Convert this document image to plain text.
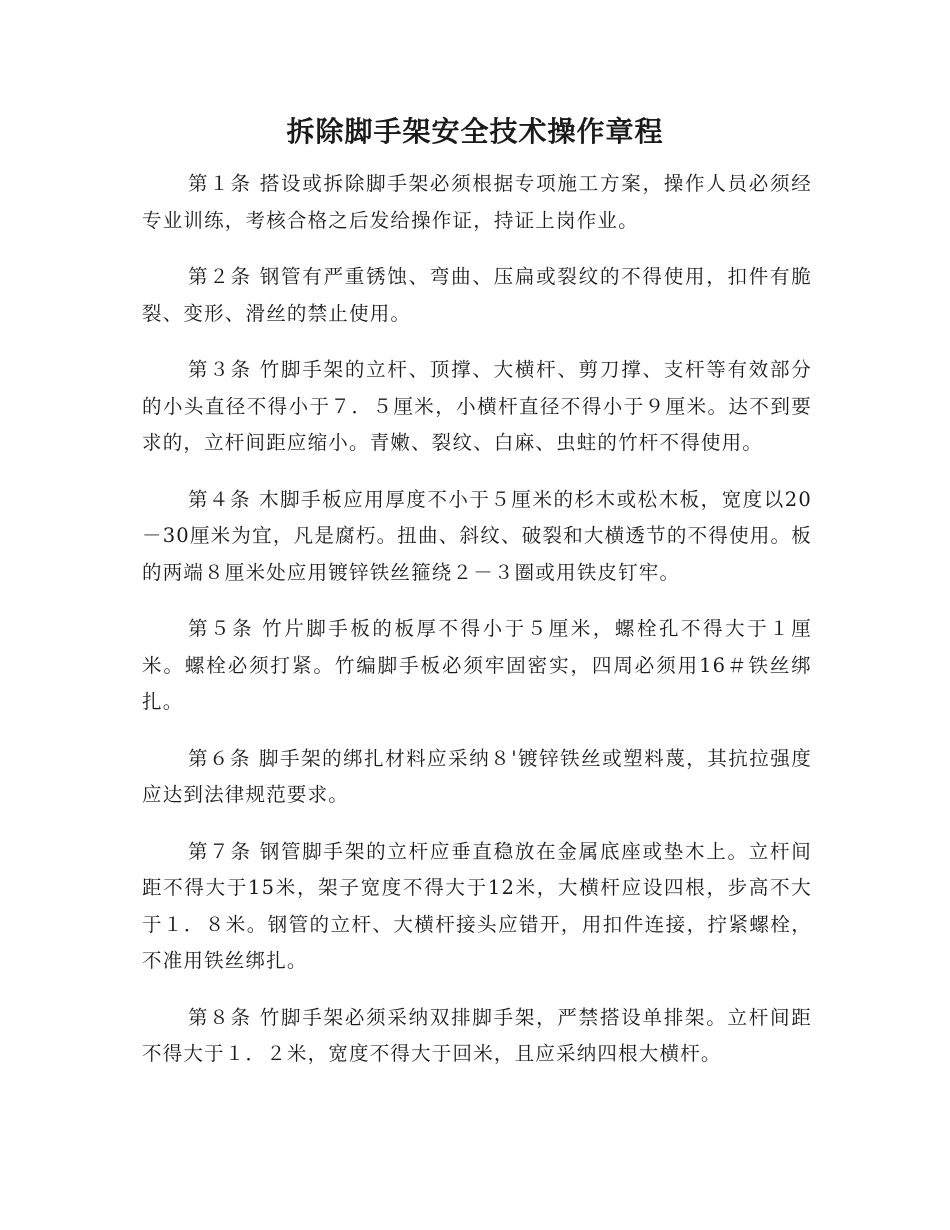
拆除脚手架安全技术操作章程

第１条 搭设或拆除脚手架必须根据专项施工方案，操作人员必须经专业训练，考核合格之后发给操作证，持证上岗作业。

第２条 钢管有严重锈蚀、弯曲、压扁或裂纹的不得使用，扣件有脆裂、变形、滑丝的禁止使用。

第３条 竹脚手架的立杆、顶撑、大横杆、剪刀撑、支杆等有效部分的小头直径不得小于７．５厘米，小横杆直径不得小于９厘米。达不到要求的，立杆间距应缩小。青嫩、裂纹、白麻、虫蛀的竹杆不得使用。

第４条 木脚手板应用厚度不小于５厘米的杉木或松木板，宽度以20－30厘米为宜，凡是腐朽。扭曲、斜纹、破裂和大横透节的不得使用。板的两端８厘米处应用镀锌铁丝箍绕２－３圈或用铁皮钉牢。

第５条 竹片脚手板的板厚不得小于５厘米，螺栓孔不得大于１厘米。螺栓必须打紧。竹编脚手板必须牢固密实，四周必须用16＃铁丝绑扎。

第６条 脚手架的绑扎材料应采纳８'镀锌铁丝或塑料蔑，其抗拉强度应达到法律规范要求。

第７条 钢管脚手架的立杆应垂直稳放在金属底座或垫木上。立杆间距不得大于15米，架子宽度不得大于12米，大横杆应设四根，步高不大于１．８米。钢管的立杆、大横杆接头应错开，用扣件连接，拧紧螺栓，不准用铁丝绑扎。

第８条 竹脚手架必须采纳双排脚手架，严禁搭设单排架。立杆间距不得大于１．２米，宽度不得大于回米，且应采纳四根大横杆。
